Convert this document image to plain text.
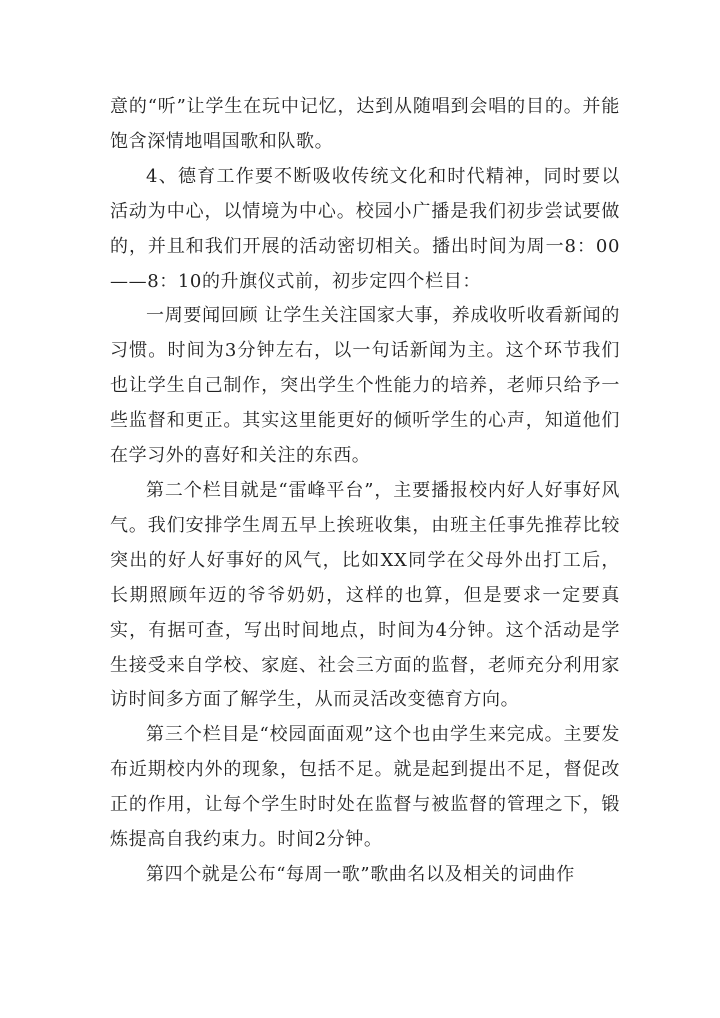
意的“听”让学生在玩中记忆，达到从随唱到会唱的目的。并能饱含深情地唱国歌和队歌。

4、德育工作要不断吸收传统文化和时代精神，同时要以活动为中心，以情境为中心。校园小广播是我们初步尝试要做的，并且和我们开展的活动密切相关。播出时间为周一8：00——8：10的升旗仪式前，初步定四个栏目：

一周要闻回顾 让学生关注国家大事，养成收听收看新闻的习惯。时间为3分钟左右，以一句话新闻为主。这个环节我们也让学生自己制作，突出学生个性能力的培养，老师只给予一些监督和更正。其实这里能更好的倾听学生的心声，知道他们在学习外的喜好和关注的东西。

第二个栏目就是“雷峰平台”，主要播报校内好人好事好风气。我们安排学生周五早上挨班收集，由班主任事先推荐比较突出的好人好事好的风气，比如XX同学在父母外出打工后，长期照顾年迈的爷爷奶奶，这样的也算，但是要求一定要真实，有据可查，写出时间地点，时间为4分钟。这个活动是学生接受来自学校、家庭、社会三方面的监督，老师充分利用家访时间多方面了解学生，从而灵活改变德育方向。

第三个栏目是“校园面面观”这个也由学生来完成。主要发布近期校内外的现象，包括不足。就是起到提出不足，督促改正的作用，让每个学生时时处在监督与被监督的管理之下，锻炼提高自我约束力。时间2分钟。

第四个就是公布“每周一歌”歌曲名以及相关的词曲作
